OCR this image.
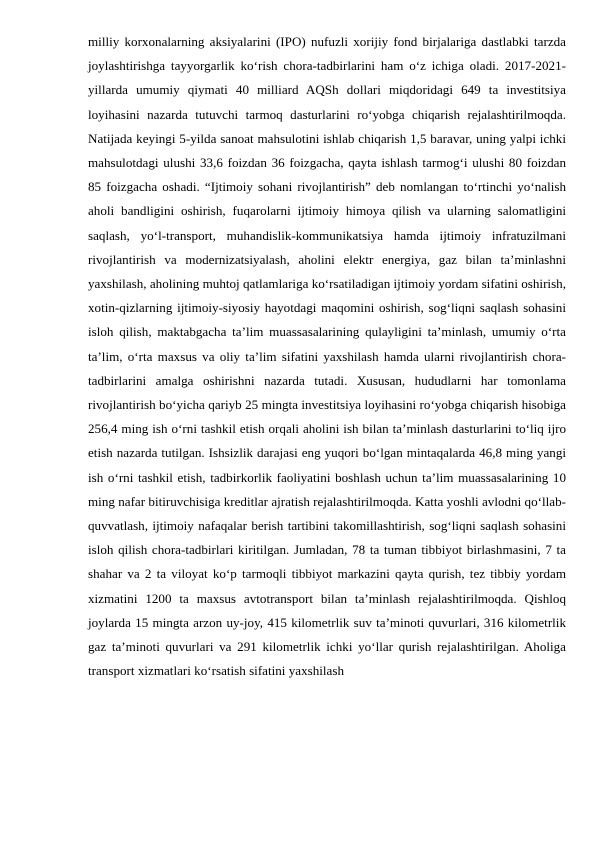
milliy korxonalarning aksiyalarini (IPO) nufuzli xorijiy fond birjalariga dastlabki tarzda joylashtirishga tayyorgarlik ko‘rish chora-tadbirlarini ham o‘z ichiga oladi. 2017-2021-yillarda umumiy qiymati 40 milliard AQSh dollari miqdoridagi 649 ta investitsiya loyihasini nazarda tutuvchi tarmoq dasturlarini ro‘yobga chiqarish rejalashtirilmoqda. Natijada keyingi 5-yilda sanoat mahsulotini ishlab chiqarish 1,5 baravar, uning yalpi ichki mahsulotdagi ulushi 33,6 foizdan 36 foizgacha, qayta ishlash tarmog‘i ulushi 80 foizdan 85 foizgacha oshadi. “Ijtimoiy sohani rivojlantirish” deb nomlangan to‘rtinchi yo‘nalish aholi bandligini oshirish, fuqarolarni ijtimoiy himoya qilish va ularning salomatligini saqlash, yo‘l-transport, muhandislik-kommunikatsiya hamda ijtimoiy infratuzilmani rivojlantirish va modernizatsiyalash, aholini elektr energiya, gaz bilan ta’minlashni yaxshilash, aholining muhtoj qatlamlariga ko‘rsatiladigan ijtimoiy yordam sifatini oshirish, xotin-qizlarning ijtimoiy-siyosiy hayotdagi maqomini oshirish, sog‘liqni saqlash sohasini isloh qilish, maktabgacha ta’lim muassasalarining qulayligini ta’minlash, umumiy o‘rta ta’lim, o‘rta maxsus va oliy ta’lim sifatini yaxshilash hamda ularni rivojlantirish chora-tadbirlarini amalga oshirishni nazarda tutadi. Xususan, hududlarni har tomonlama rivojlantirish bo‘yicha qariyb 25 mingta investitsiya loyihasini ro‘yobga chiqarish hisobiga 256,4 ming ish o‘rni tashkil etish orqali aholini ish bilan ta’minlash dasturlarini to‘liq ijro etish nazarda tutilgan. Ishsizlik darajasi eng yuqori bo‘lgan mintaqalarda 46,8 ming yangi ish o‘rni tashkil etish, tadbirkorlik faoliyatini boshlash uchun ta’lim muassasalarining 10 ming nafar bitiruvchisiga kreditlar ajratish rejalashtirilmoqda. Katta yoshli avlodni qo‘llab-quvvatlash, ijtimoiy nafaqalar berish tartibini takomillashtirish, sog‘liqni saqlash sohasini isloh qilish chora-tadbirlari kiritilgan. Jumladan, 78 ta tuman tibbiyot birlashmasini, 7 ta shahar va 2 ta viloyat ko‘p tarmoqli tibbiyot markazini qayta qurish, tez tibbiy yordam xizmatini 1200 ta maxsus avtotransport bilan ta’minlash rejalashtirilmoqda. Qishloq joylarda 15 mingta arzon uy-joy, 415 kilometrlik suv ta’minoti quvurlari, 316 kilometrlik gaz ta’minoti quvurlari va 291 kilometrlik ichki yo‘llar qurish rejalashtirilgan. Aholiga transport xizmatlari ko‘rsatish sifatini yaxshilash
